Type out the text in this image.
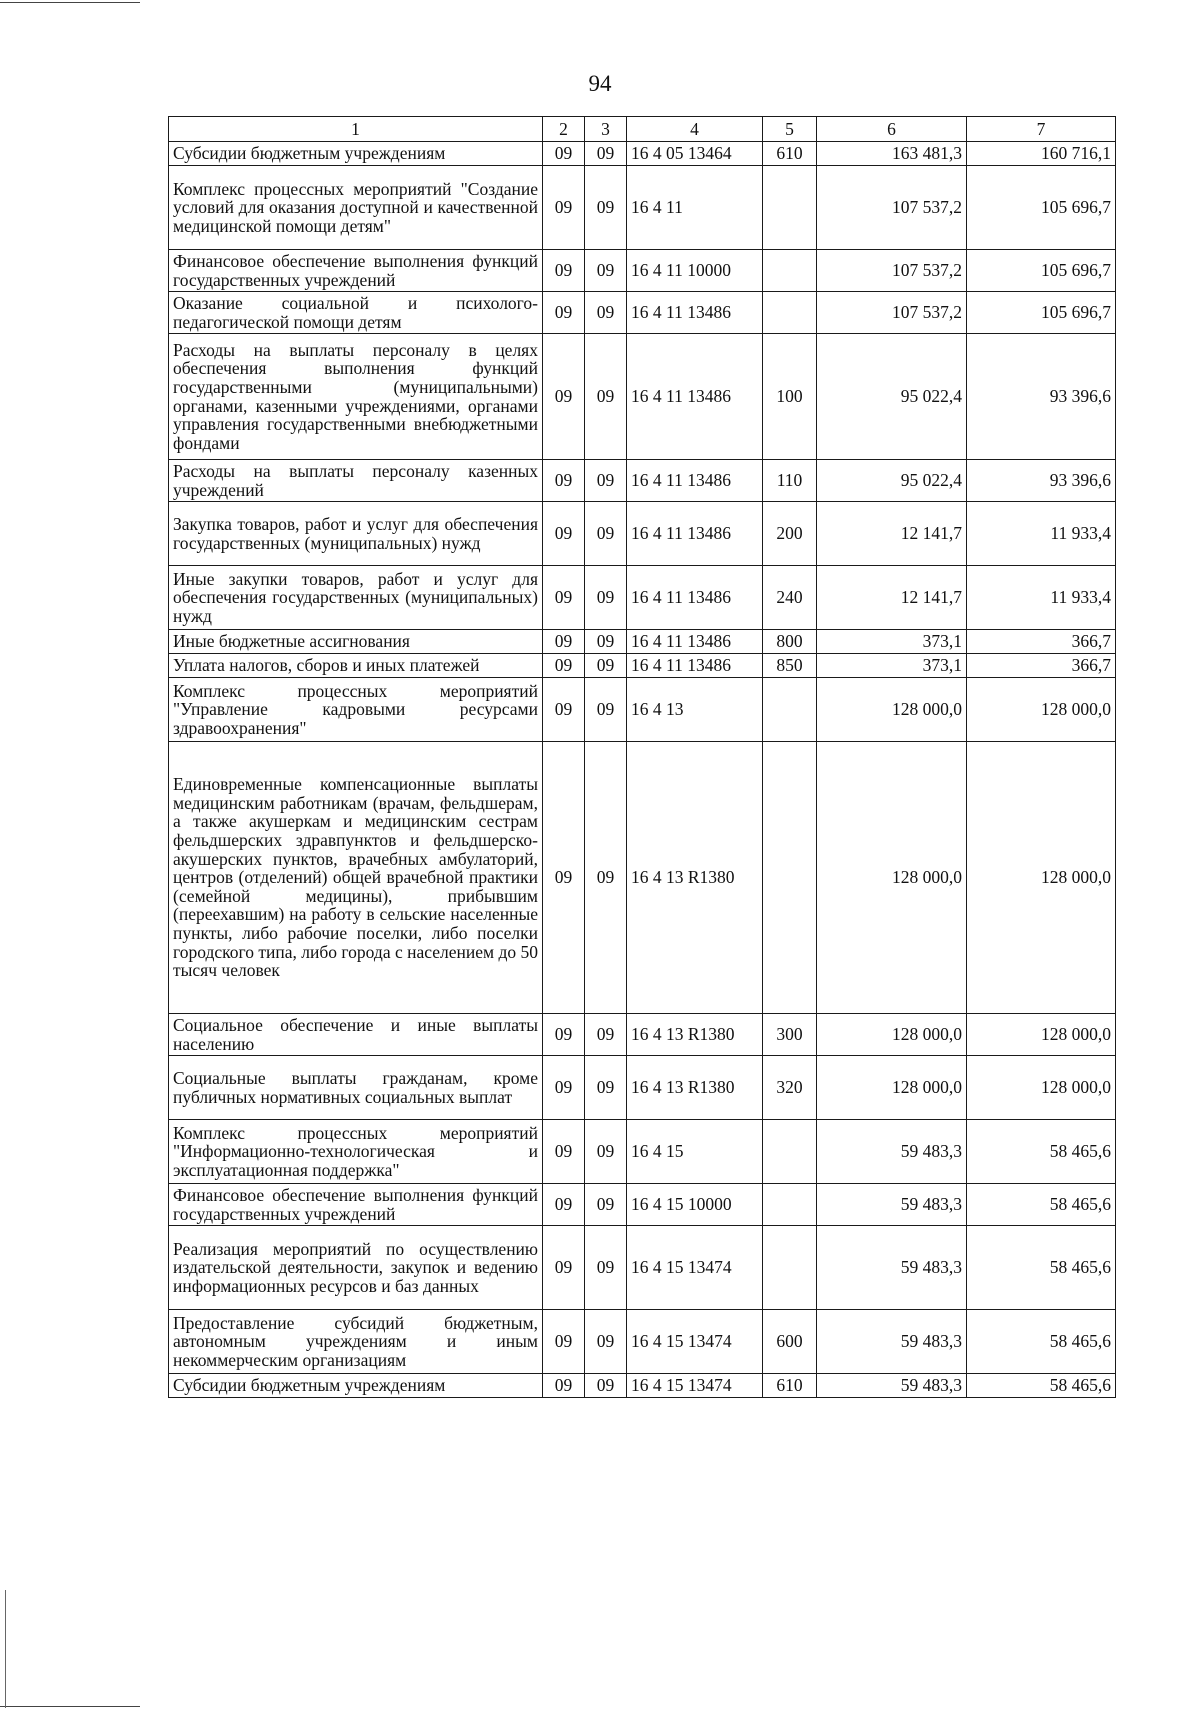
94
1	2	3	4	5	6	7
Субсидии бюджетным учреждениям	09	09	16 4 05 13464	610	163 481,3	160 716,1
Комплекс процессных мероприятий "Создание условий для оказания доступной и качественной медицинской помощи детям"	09	09	16 4 11		107 537,2	105 696,7
Финансовое обеспечение выполнения функций государственных учреждений	09	09	16 4 11 10000		107 537,2	105 696,7
Оказание социальной и психолого-педагогической помощи детям	09	09	16 4 11 13486		107 537,2	105 696,7
Расходы на выплаты персоналу в целях обеспечения выполнения функций государственными (муниципальными) органами, казенными учреждениями, органами управления государственными внебюджетными фондами	09	09	16 4 11 13486	100	95 022,4	93 396,6
Расходы на выплаты персоналу казенных учреждений	09	09	16 4 11 13486	110	95 022,4	93 396,6
Закупка товаров, работ и услуг для обеспечения государственных (муниципальных) нужд	09	09	16 4 11 13486	200	12 141,7	11 933,4
Иные закупки товаров, работ и услуг для обеспечения государственных (муниципальных) нужд	09	09	16 4 11 13486	240	12 141,7	11 933,4
Иные бюджетные ассигнования	09	09	16 4 11 13486	800	373,1	366,7
Уплата налогов, сборов и иных платежей	09	09	16 4 11 13486	850	373,1	366,7
Комплекс процессных мероприятий "Управление кадровыми ресурсами здравоохранения"	09	09	16 4 13		128 000,0	128 000,0
Единовременные компенсационные выплаты медицинским работникам (врачам, фельдшерам, а также акушеркам и медицинским сестрам фельдшерских здравпунктов и фельдшерско-акушерских пунктов, врачебных амбулаторий, центров (отделений) общей врачебной практики (семейной медицины), прибывшим (переехавшим) на работу в сельские населенные пункты, либо рабочие поселки, либо поселки городского типа, либо города с населением до 50 тысяч человек	09	09	16 4 13 R1380		128 000,0	128 000,0
Социальное обеспечение и иные выплаты населению	09	09	16 4 13 R1380	300	128 000,0	128 000,0
Социальные выплаты гражданам, кроме публичных нормативных социальных выплат	09	09	16 4 13 R1380	320	128 000,0	128 000,0
Комплекс процессных мероприятий "Информационно-технологическая и эксплуатационная поддержка"	09	09	16 4 15		59 483,3	58 465,6
Финансовое обеспечение выполнения функций государственных учреждений	09	09	16 4 15 10000		59 483,3	58 465,6
Реализация мероприятий по осуществлению издательской деятельности, закупок и ведению информационных ресурсов и баз данных	09	09	16 4 15 13474		59 483,3	58 465,6
Предоставление субсидий бюджетным, автономным учреждениям и иным некоммерческим организациям	09	09	16 4 15 13474	600	59 483,3	58 465,6
Субсидии бюджетным учреждениям	09	09	16 4 15 13474	610	59 483,3	58 465,6
